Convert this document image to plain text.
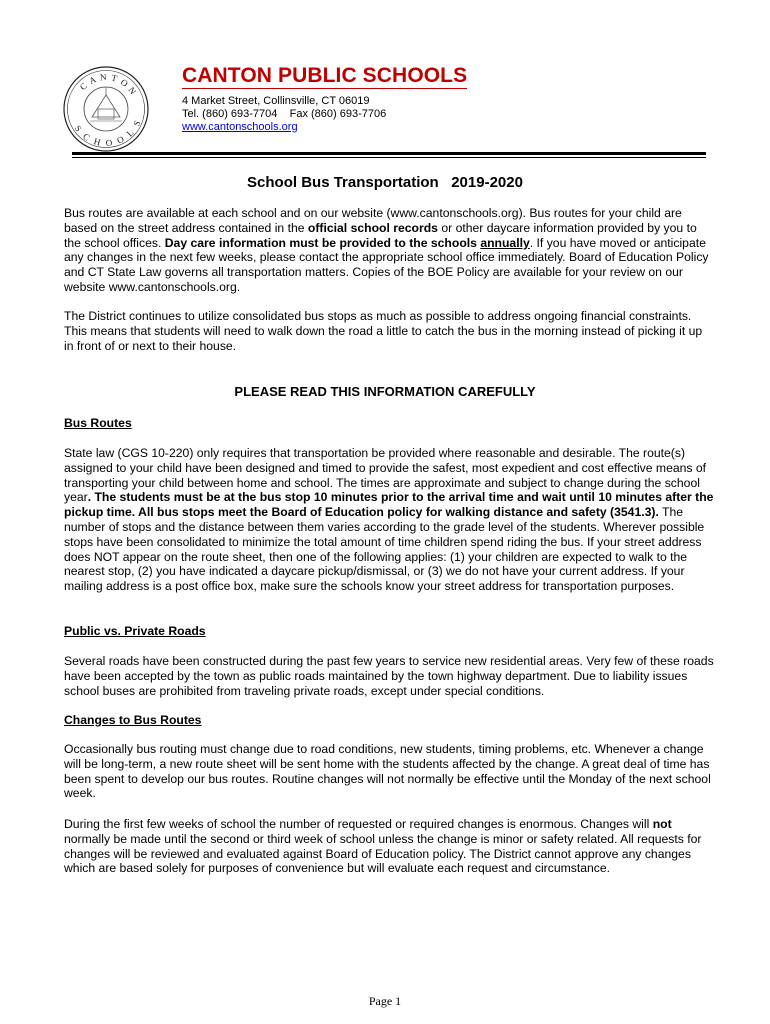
C
A N T O
N
S
C H O O
L
S
CANTON PUBLIC SCHOOLS
4 Market Street, Collinsville, CT 06019
Tel. (860) 693-7704    Fax (860) 693-7706
www.cantonschools.org
School Bus Transportation   2019-2020
Bus routes are available at each school and on our website (www.cantonschools.org). Bus routes for your child are based on the street address contained in the official school records or other daycare information provided by you to the school offices. Day care information must be provided to the schools annually. If you have moved or anticipate any changes in the next few weeks, please contact the appropriate school office immediately. Board of Education Policy and CT State Law governs all transportation matters. Copies of the BOE Policy are available for your review on our website www.cantonschools.org.
The District continues to utilize consolidated bus stops as much as possible to address ongoing financial constraints. This means that students will need to walk down the road a little to catch the bus in the morning instead of picking it up in front of or next to their house.
PLEASE READ THIS INFORMATION CAREFULLY
Bus Routes
State law (CGS 10-220) only requires that transportation be provided where reasonable and desirable. The route(s) assigned to your child have been designed and timed to provide the safest, most expedient and cost effective means of transporting your child between home and school. The times are approximate and subject to change during the school year. The students must be at the bus stop 10 minutes prior to the arrival time and wait until 10 minutes after the pickup time. All bus stops meet the Board of Education policy for walking distance and safety (3541.3). The number of stops and the distance between them varies according to the grade level of the students. Wherever possible stops have been consolidated to minimize the total amount of time children spend riding the bus. If your street address does NOT appear on the route sheet, then one of the following applies: (1) your children are expected to walk to the nearest stop, (2) you have indicated a daycare pickup/dismissal, or (3) we do not have your current address. If your mailing address is a post office box, make sure the schools know your street address for transportation purposes.
Public vs. Private Roads
Several roads have been constructed during the past few years to service new residential areas. Very few of these roads have been accepted by the town as public roads maintained by the town highway department. Due to liability issues school buses are prohibited from traveling private roads, except under special conditions.
Changes to Bus Routes
Occasionally bus routing must change due to road conditions, new students, timing problems, etc. Whenever a change will be long-term, a new route sheet will be sent home with the students affected by the change. A great deal of time has been spent to develop our bus routes. Routine changes will not normally be effective until the Monday of the next school week.
During the first few weeks of school the number of requested or required changes is enormous. Changes will not normally be made until the second or third week of school unless the change is minor or safety related. All requests for changes will be reviewed and evaluated against Board of Education policy. The District cannot approve any changes which are based solely for purposes of convenience but will evaluate each request and circumstance.
Page 1
